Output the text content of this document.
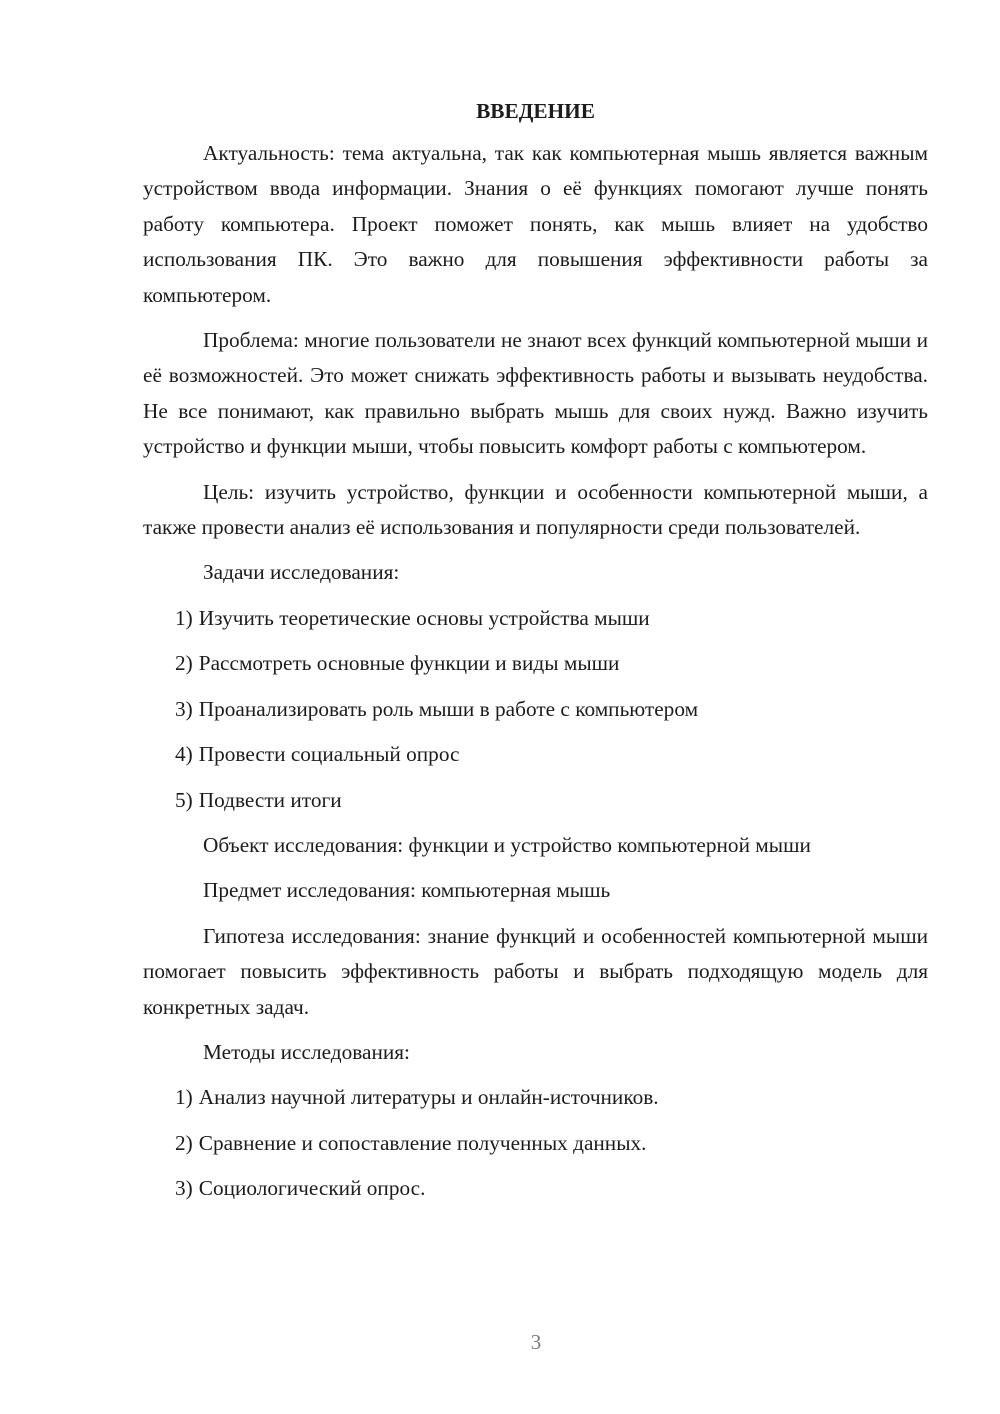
ВВЕДЕНИЕ

Актуальность: тема актуальна, так как компьютерная мышь является важным устройством ввода информации. Знания о её функциях помогают лучше понять работу компьютера. Проект поможет понять, как мышь влияет на удобство использования ПК. Это важно для повышения эффективности работы за компьютером.

Проблема: многие пользователи не знают всех функций компьютерной мыши и её возможностей. Это может снижать эффективность работы и вызывать неудобства. Не все понимают, как правильно выбрать мышь для своих нужд. Важно изучить устройство и функции мыши, чтобы повысить комфорт работы с компьютером.

Цель: изучить устройство, функции и особенности компьютерной мыши, а также провести анализ её использования и популярности среди пользователей.

Задачи исследования:

1) Изучить теоретические основы устройства мыши

2) Рассмотреть основные функции и виды мыши

3) Проанализировать роль мыши в работе с компьютером

4) Провести социальный опрос

5) Подвести итоги

Объект исследования: функции и устройство компьютерной мыши

Предмет исследования: компьютерная мышь

Гипотеза исследования: знание функций и особенностей компьютерной мыши помогает повысить эффективность работы и выбрать подходящую модель для конкретных задач.

Методы исследования:

1) Анализ научной литературы и онлайн-источников.

2) Сравнение и сопоставление полученных данных.

3) Социологический опрос.

3
